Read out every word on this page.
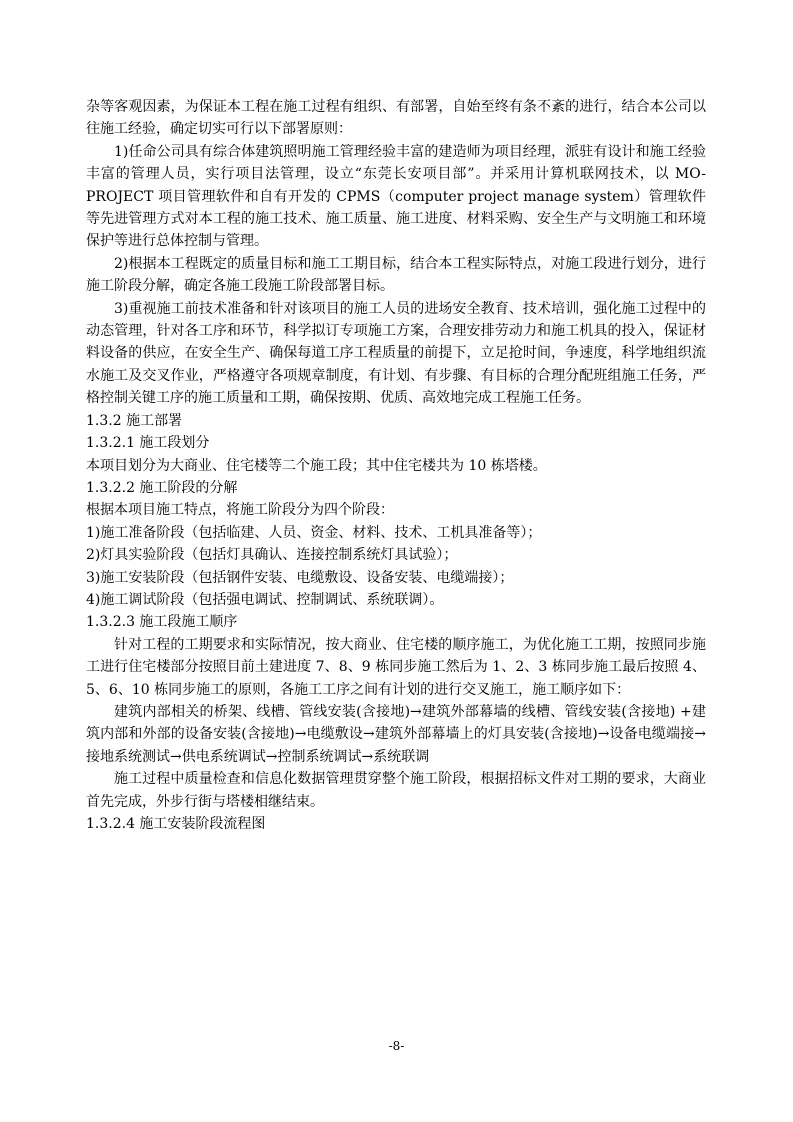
杂等客观因素，为保证本工程在施工过程有组织、有部署，自始至终有条不紊的进行，结合本公司以往施工经验，确定切实可行以下部署原则：

1)任命公司具有综合体建筑照明施工管理经验丰富的建造师为项目经理，派驻有设计和施工经验丰富的管理人员，实行项目法管理，设立“东莞长安项目部”。并采用计算机联网技术，以 MO-PROJECT 项目管理软件和自有开发的 CPMS（computer project manage system）管理软件等先进管理方式对本工程的施工技术、施工质量、施工进度、材料采购、安全生产与文明施工和环境保护等进行总体控制与管理。

2)根据本工程既定的质量目标和施工工期目标，结合本工程实际特点，对施工段进行划分，进行施工阶段分解，确定各施工段施工阶段部署目标。

3)重视施工前技术准备和针对该项目的施工人员的进场安全教育、技术培训，强化施工过程中的动态管理，针对各工序和环节，科学拟订专项施工方案，合理安排劳动力和施工机具的投入，保证材料设备的供应，在安全生产、确保每道工序工程质量的前提下，立足抢时间，争速度，科学地组织流水施工及交叉作业，严格遵守各项规章制度，有计划、有步骤、有目标的合理分配班组施工任务，严格控制关键工序的施工质量和工期，确保按期、优质、高效地完成工程施工任务。

1.3.2 施工部署

1.3.2.1 施工段划分

本项目划分为大商业、住宅楼等二个施工段；其中住宅楼共为 10 栋塔楼。

1.3.2.2 施工阶段的分解

根据本项目施工特点，将施工阶段分为四个阶段：

1)施工准备阶段（包括临建、人员、资金、材料、技术、工机具准备等）；

2)灯具实验阶段（包括灯具确认、连接控制系统灯具试验）；

3)施工安装阶段（包括钢件安装、电缆敷设、设备安装、电缆端接）；

4)施工调试阶段（包括强电调试、控制调试、系统联调）。

1.3.2.3 施工段施工顺序

针对工程的工期要求和实际情况，按大商业、住宅楼的顺序施工，为优化施工工期，按照同步施工进行住宅楼部分按照目前土建进度 7、8、9 栋同步施工然后为 1、2、3 栋同步施工最后按照 4、5、6、10 栋同步施工的原则，各施工工序之间有计划的进行交叉施工，施工顺序如下：

建筑内部相关的桥架、线槽、管线安装(含接地)→建筑外部幕墙的线槽、管线安装(含接地) +建筑内部和外部的设备安装(含接地)→电缆敷设→建筑外部幕墙上的灯具安装(含接地)→设备电缆端接→接地系统测试→供电系统调试→控制系统调试→系统联调

施工过程中质量检查和信息化数据管理贯穿整个施工阶段，根据招标文件对工期的要求，大商业首先完成，外步行街与塔楼相继结束。

1.3.2.4 施工安装阶段流程图

-8-
